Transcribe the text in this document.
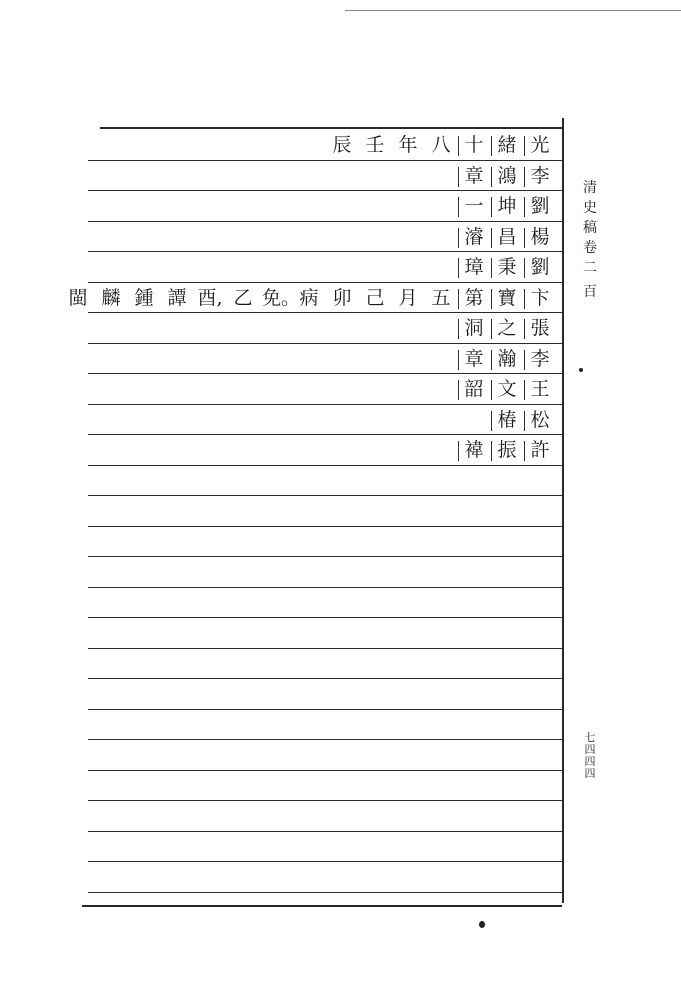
光
緒
十
八
年
壬
辰
李
鴻
章
劉
坤
一
楊
昌
濬
劉
秉
璋
卞
寶
第
五
月
己
卯
病
免。
乙
酉,
譚
鍾
麟
閩
張
之
洞
李
瀚
章
王
文
韶
松
椿
許
振
褘
清
史
稿
卷
二
百
七
四
四
四
